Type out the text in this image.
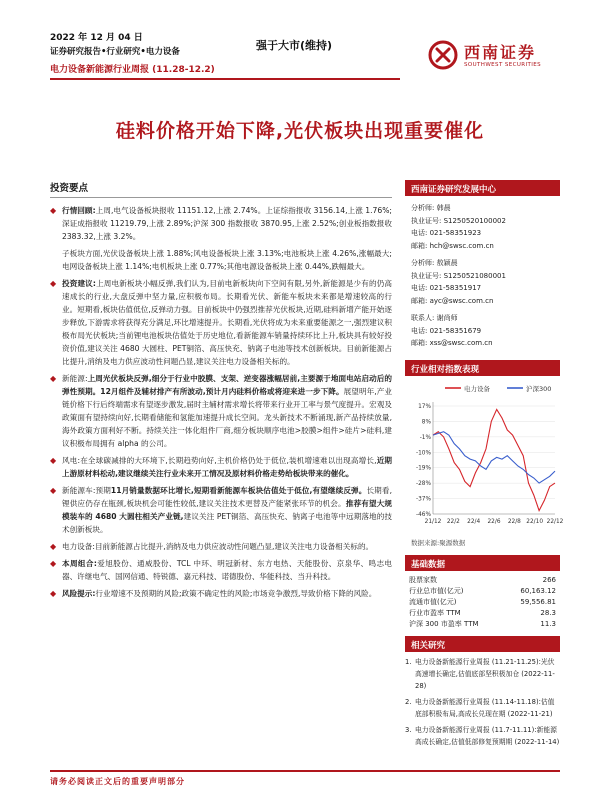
2022 年 12 月 04 日
证券研究报告•行业研究•电力设备	强于大市(维持)
电力设备新能源行业周报 (11.28-12.2)
西南证券
SOUTHWEST SECURITIES
硅料价格开始下降,光伏板块出现重要催化
投资要点
◆ 行情回顾:上周,电气设备板块报收 11151.12,上涨 2.74%。上证综指报收 3156.14,上涨 1.76%;深证成指报收 11219.79,上涨 2.89%;沪深 300 指数报收 3870.95,上涨 2.52%;创业板指数报收 2383.32,上涨 3.2%。
子板块方面,光伏设备板块上涨 1.88%;风电设备板块上涨 3.13%;电池板块上涨 4.26%,涨幅最大;电网设备板块上涨 1.14%;电机板块上涨 0.77%;其他电源设备板块上涨 0.44%,跌幅最大。
◆ 投资建议:上周电新板块小幅反弹,我们认为,目前电新板块向下空间有限,另外,新能源是少有的仍高速成长的行业,大盘反弹中坚力量,应积极布局。长期看光伏、新能车板块未来都是增速较高的行业。短期看,板块估值低位,反弹动力强。目前板块中仍强烈推荐光伏板块,近期,硅料新增产能开始逐步释放,下游需求将获得充分满足,环比增速提升。长期看,光伏将成为未来重要能源之一,强烈建议积极布局光伏板块;当前锂电池板块估值处于历史地位,看新能源车销量持续环比上升,板块具有较好投资价值,建议关注 4680 大圆柱、PET铜箔、高压快充、钠离子电池等技术创新板块。目前新能源占比提升,消纳及电力供应波动性问题凸显,建议关注电力设备相关标的。
◆ 新能源:上周光伏板块反弹,细分于行业中胶膜、支架、逆变器涨幅居前,主要源于地面电站启动后的弹性预期。12月组件及辅材排产有所波动,预计月内硅料价格或将迎来进一步下降。展望明年,产业链价格下行后终端需求有望逐步激发,届时主辅材需求增长将带来行业开工率与景气度提升。宏观及政策面有望持续向好,长期看储能和氢能加速提升成长空间。龙头新技术不断涌现,新产品持续放量,海外政策方面利好不断。持续关注一体化组件厂商,细分板块顺序电池>胶膜>组件>硅片>硅料,建议积极布局拥有 alpha 的公司。
◆ 风电:在全球碳减排的大环境下,长期趋势向好,主机价格仍处于低位,装机增速难以出现高增长,近期上游原材料松动,建议继续关注行业未来开工情况及原材料价格走势给板块带来的催化。
◆ 新能源车:预期11月销量数据环比增长,短期看新能源车板块估值处于低位,有望继续反弹。长期看,锂供应仍存在瓶颈,板块机会可能性较低,建议关注技术更替及产能紧张环节的机会。推荐有望大规模装车的 4680 大圆柱相关产业链,建议关注 PET铜箔、高压快充、钠离子电池等中远期落地的技术创新板块。
◆ 电力设备:目前新能源占比提升,消纳及电力供应波动性问题凸显,建议关注电力设备相关标的。
◆ 本周组合:爱旭股份、通威股份、TCL 中环、明冠新材、东方电热、天能股份、京泉华、鸣志电器、许继电气、国网信通、特锐德、嘉元科技、诺德股份、华能科技、当升科技。
◆ 风险提示:行业增速不及预期的风险;政策不确定性的风险;市场竞争激烈,导致价格下降的风险。
西南证券研究发展中心
分析师: 韩晨
执业证号: S1250520100002
电话: 021-58351923
邮箱: hch@swsc.com.cn
分析师: 敖颖晨
执业证号: S1250521080001
电话: 021-58351917
邮箱: ayc@swsc.com.cn
联系人: 谢尚师
电话: 021-58351679
邮箱: xss@swsc.com.cn
行业相对指数表现
电力设备	沪深300
17%
8%
-1%
-10%
-19%
-28%
-37%
-46%
21/12 22/2 22/4 22/6 22/8 22/10 22/12
数据来源:聚源数据
基础数据
股票家数	266
行业总市值(亿元)	60,163.12
流通市值(亿元)	59,556.81
行业市盈率 TTM	28.3
沪深 300 市盈率 TTM	11.3
相关研究
1. 电力设备新能源行业周报 (11.21-11.25):光伏高速增长确定,估值底部坚积极加仓 (2022-11-28)
2. 电力设备新能源行业周报 (11.14-11.18):估值底部积极布局,高成长兑现在期 (2022-11-21)
3. 电力设备新能源行业周报 (11.7-11.11):新能源高成长确定,估值低部修复预期期 (2022-11-14)
请务必阅读正文后的重要声明部分
